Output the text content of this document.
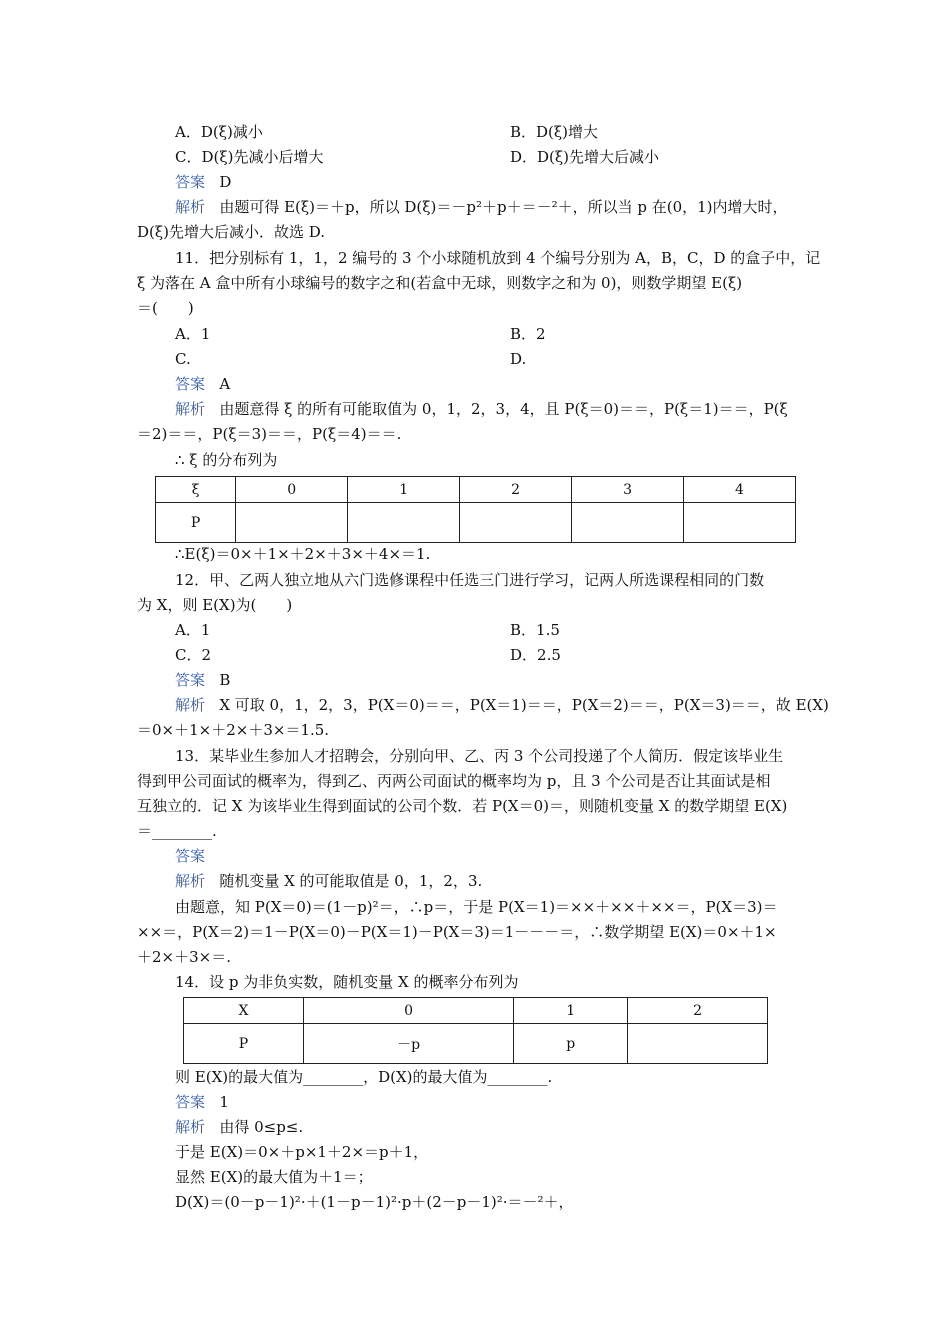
A．D(ξ)减小	B．D(ξ)增大
C．D(ξ)先减小后增大	D．D(ξ)先增大后减小
答案 D
解析 由题可得 E(ξ)＝＋p，所以 D(ξ)＝－p²＋p＋＝－²＋，所以当 p 在(0，1)内增大时，
D(ξ)先增大后减小．故选 D.
11．把分别标有 1，1，2 编号的 3 个小球随机放到 4 个编号分别为 A，B，C，D 的盒子中，记
ξ 为落在 A 盒中所有小球编号的数字之和(若盒中无球，则数字之和为 0)，则数学期望 E(ξ)
＝(　　)
A．1	B．2
C.	D.
答案 A
解析 由题意得 ξ 的所有可能取值为 0，1，2，3，4，且 P(ξ＝0)＝＝，P(ξ＝1)＝＝，P(ξ
＝2)＝＝，P(ξ＝3)＝＝，P(ξ＝4)＝＝.
∴ ξ 的分布列为
ξ	0	1	2	3	4
P					
∴E(ξ)＝0×＋1×＋2×＋3×＋4×＝1.
12．甲、乙两人独立地从六门选修课程中任选三门进行学习，记两人所选课程相同的门数
为 X，则 E(X)为(　　)
A．1	B．1.5
C．2	D．2.5
答案 B
解析 X 可取 0，1，2，3，P(X＝0)＝＝，P(X＝1)＝＝，P(X＝2)＝＝，P(X＝3)＝＝，故 E(X)
＝0×＋1×＋2×＋3×＝1.5.
13．某毕业生参加人才招聘会，分别向甲、乙、丙 3 个公司投递了个人简历．假定该毕业生
得到甲公司面试的概率为，得到乙、丙两公司面试的概率均为 p，且 3 个公司是否让其面试是相
互独立的．记 X 为该毕业生得到面试的公司个数．若 P(X＝0)＝，则随机变量 X 的数学期望 E(X)
＝________.
答案
解析 随机变量 X 的可能取值是 0，1，2，3.
由题意，知 P(X＝0)＝(1－p)²＝，∴p＝，于是 P(X＝1)＝××＋××＋××＝，P(X＝3)＝
××＝，P(X＝2)＝1－P(X＝0)－P(X＝1)－P(X＝3)＝1－－－＝，∴数学期望 E(X)＝0×＋1×
＋2×＋3×＝.
14．设 p 为非负实数，随机变量 X 的概率分布列为
X	0	1	2
P	－p	p	
则 E(X)的最大值为________，D(X)的最大值为________.
答案 1
解析 由得 0≤p≤.
于是 E(X)＝0×＋p×1＋2×＝p＋1，
显然 E(X)的最大值为＋1＝；
D(X)＝(0－p－1)²·＋(1－p－1)²·p＋(2－p－1)²·＝－²＋，
